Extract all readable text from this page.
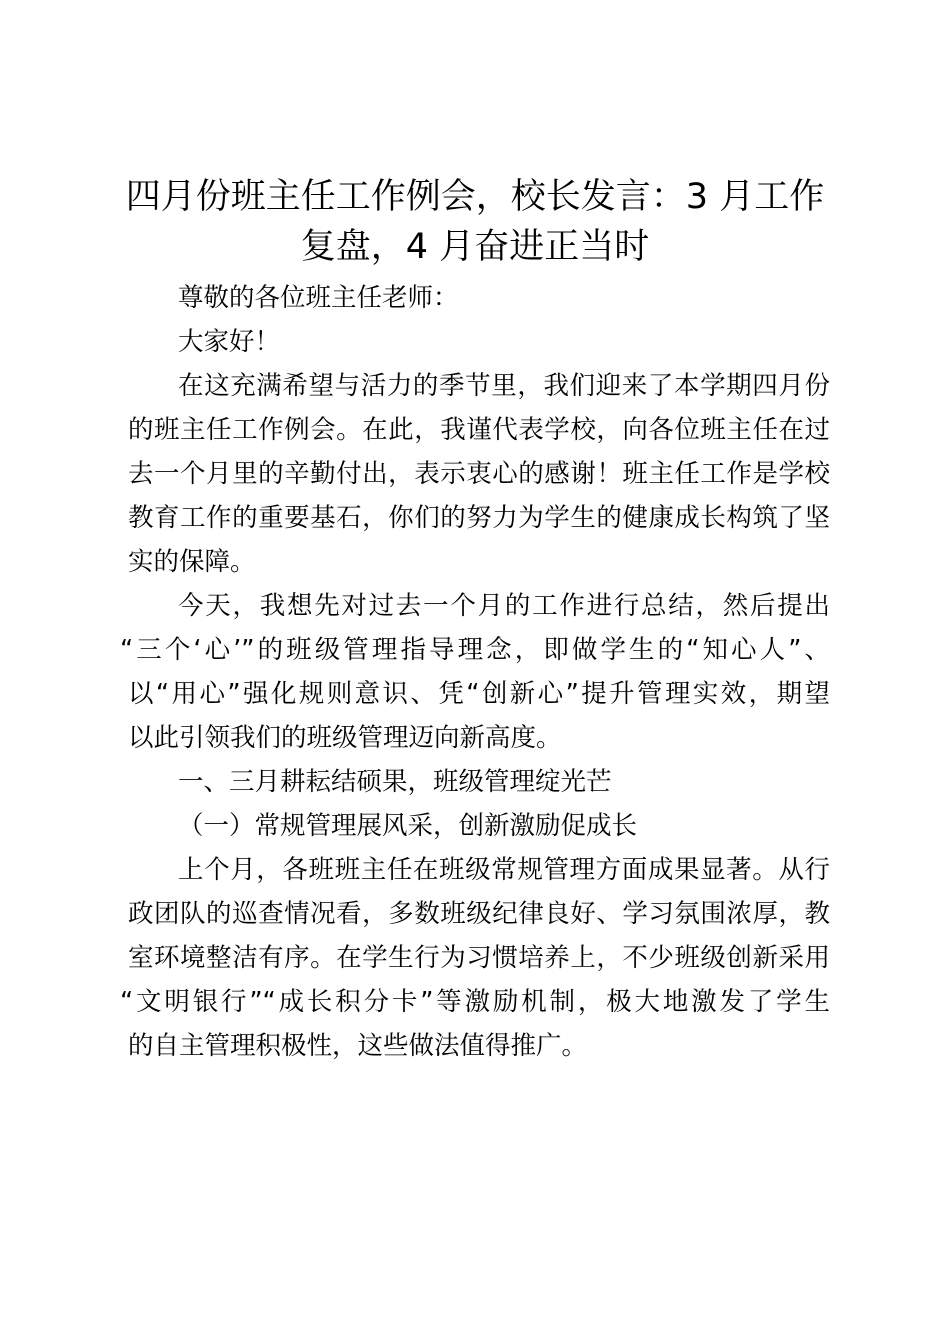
四月份班主任工作例会，校长发言：3 月工作
复盘，4 月奋进正当时
尊敬的各位班主任老师：
大家好！
在这充满希望与活力的季节里，我们迎来了本学期四月份
的班主任工作例会。在此，我谨代表学校，向各位班主任在过
去一个月里的辛勤付出，表示衷心的感谢！班主任工作是学校
教育工作的重要基石，你们的努力为学生的健康成长构筑了坚
实的保障。
今天，我想先对过去一个月的工作进行总结，然后提出
“三个‘心’”的班级管理指导理念，即做学生的“知心人”、
以“用心”强化规则意识、凭“创新心”提升管理实效，期望
以此引领我们的班级管理迈向新高度。
一、三月耕耘结硕果，班级管理绽光芒
（一）常规管理展风采，创新激励促成长
上个月，各班班主任在班级常规管理方面成果显著。从行
政团队的巡查情况看，多数班级纪律良好、学习氛围浓厚，教
室环境整洁有序。在学生行为习惯培养上，不少班级创新采用
“文明银行”“成长积分卡”等激励机制，极大地激发了学生
的自主管理积极性，这些做法值得推广。
